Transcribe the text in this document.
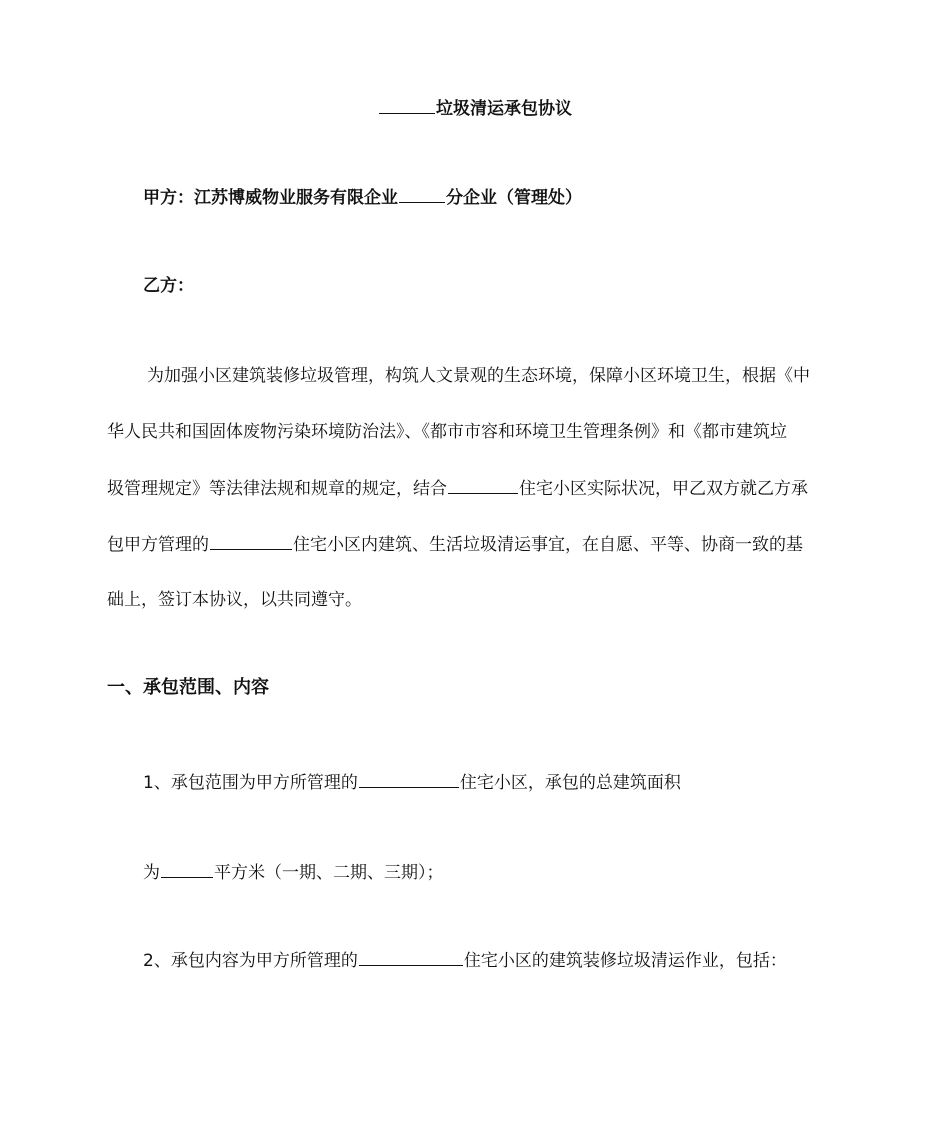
垃圾清运承包协议
甲方：江苏博威物业服务有限企业	分企业（管理处）
乙方：
为加强小区建筑装修垃圾管理，构筑人文景观的生态环境，保障小区环境卫生，根据《中
华人民共和国固体废物污染环境防治法》、《都市市容和环境卫生管理条例》和《都市建筑垃
圾管理规定》等法律法规和规章的规定，结合	住宅小区实际状况，甲乙双方就乙方承
包甲方管理的	住宅小区内建筑、生活垃圾清运事宜，在自愿、平等、协商一致的基
础上，签订本协议，以共同遵守。
一、承包范围、内容
1、承包范围为甲方所管理的	住宅小区，承包的总建筑面积
为	平方米（一期、二期、三期）；
2、承包内容为甲方所管理的	住宅小区的建筑装修垃圾清运作业，包括：
